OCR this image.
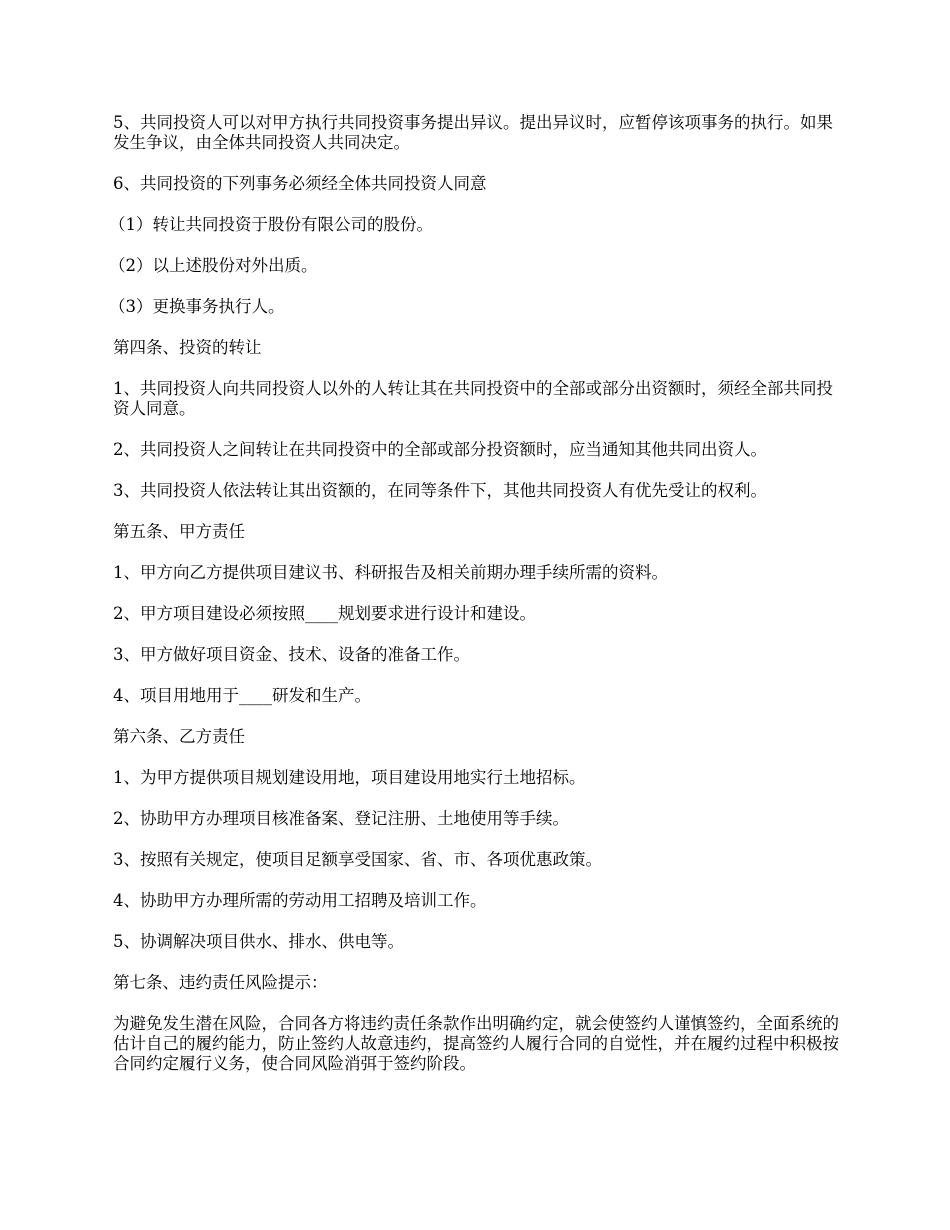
5、共同投资人可以对甲方执行共同投资事务提出异议。提出异议时，应暂停该项事务的执行。如果发生争议，由全体共同投资人共同决定。

6、共同投资的下列事务必须经全体共同投资人同意

（1）转让共同投资于股份有限公司的股份。

（2）以上述股份对外出质。

（3）更换事务执行人。

第四条、投资的转让

1、共同投资人向共同投资人以外的人转让其在共同投资中的全部或部分出资额时，须经全部共同投资人同意。

2、共同投资人之间转让在共同投资中的全部或部分投资额时，应当通知其他共同出资人。

3、共同投资人依法转让其出资额的，在同等条件下，其他共同投资人有优先受让的权利。

第五条、甲方责任

1、甲方向乙方提供项目建议书、科研报告及相关前期办理手续所需的资料。

2、甲方项目建设必须按照____规划要求进行设计和建设。

3、甲方做好项目资金、技术、设备的准备工作。

4、项目用地用于____研发和生产。

第六条、乙方责任

1、为甲方提供项目规划建设用地，项目建设用地实行土地招标。

2、协助甲方办理项目核准备案、登记注册、土地使用等手续。

3、按照有关规定，使项目足额享受国家、省、市、各项优惠政策。

4、协助甲方办理所需的劳动用工招聘及培训工作。

5、协调解决项目供水、排水、供电等。

第七条、违约责任风险提示：

为避免发生潜在风险，合同各方将违约责任条款作出明确约定，就会使签约人谨慎签约，全面系统的估计自己的履约能力，防止签约人故意违约，提高签约人履行合同的自觉性，并在履约过程中积极按合同约定履行义务，使合同风险消弭于签约阶段。
